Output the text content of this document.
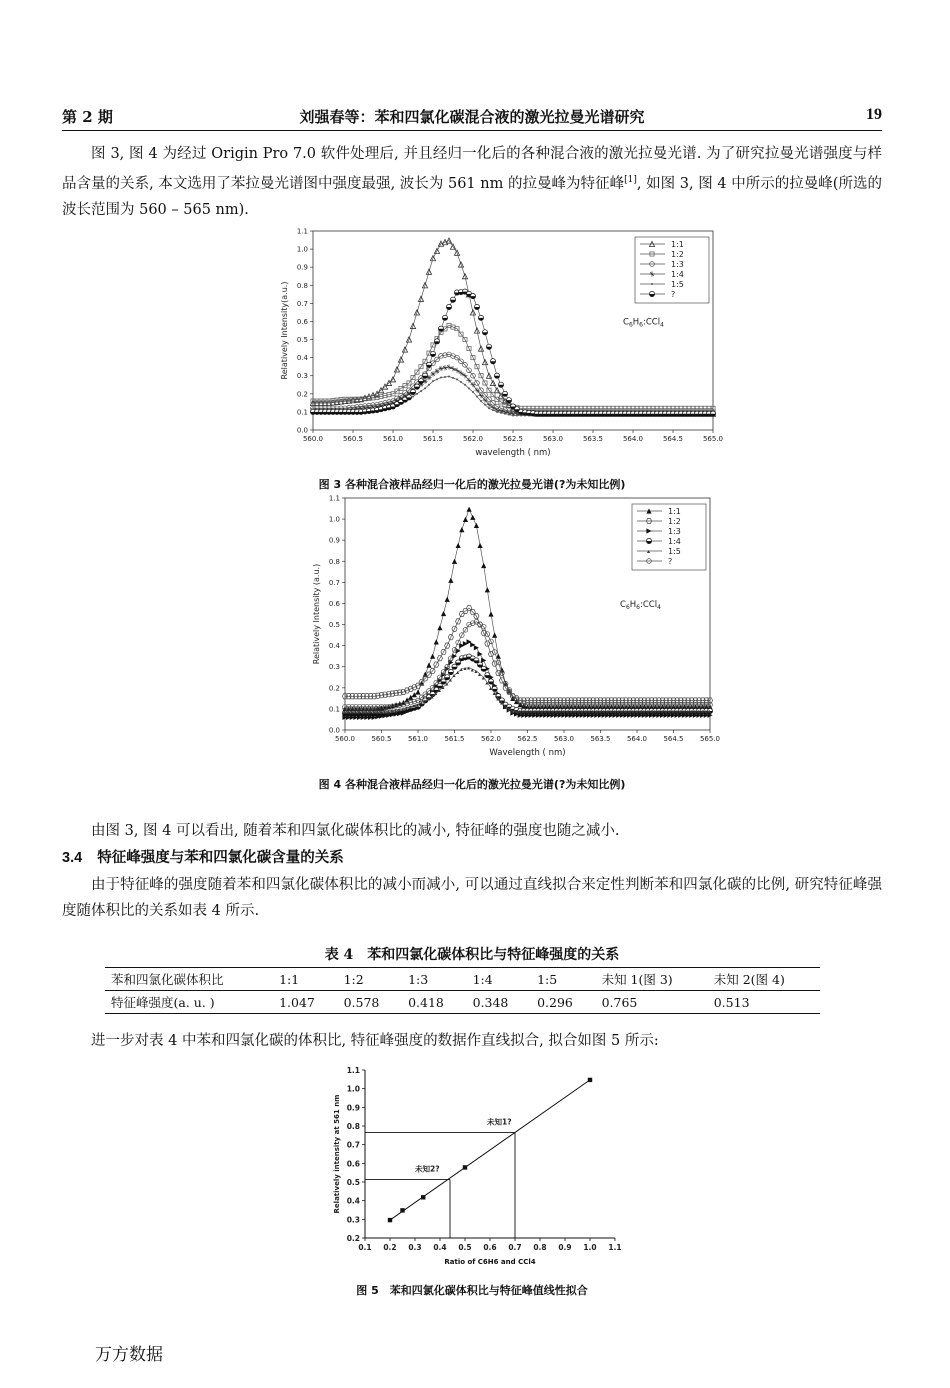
第 2 期	刘强春等：苯和四氯化碳混合液的激光拉曼光谱研究	19
图 3, 图 4 为经过 Origin Pro 7.0 软件处理后, 并且经归一化后的各种混合液的激光拉曼光谱. 为了研究拉曼光谱强度与样品含量的关系, 本文选用了苯拉曼光谱图中强度最强, 波长为 561 nm 的拉曼峰为特征峰[1], 如图 3, 图 4 中所示的拉曼峰(所选的波长范围为 560 – 565 nm).
0.0
0.1
0.2
0.3
0.4
0.5
0.6
0.7
0.8
0.9
1.0
1.1
560.0	560.5	561.0	561.5	562.0	562.5	563.0	563.5	564.0	564.5	565.0
wavelength ( nm)
Relatively Intensity(a.u.)
1:1
1:2
1:3
1:4
1:5
?
$C_6H_6:CCl_4$
图 3 各种混合液样品经归一化后的激光拉曼光谱(?为未知比例)
0.0
0.1
0.2
0.3
0.4
0.5
0.6
0.7
0.8
0.9
1.0
1.1
560.0 560.5 561.0 561.5 562.0 562.5 563.0 563.5 564.0 564.5 565.0
Wavelength ( nm)
Relatively Intensity (a.u.)
▴ ▴ ▴ ▴ ▴ ▴ ▴ ▴ ▴ ▴ ▴ ▴ ▴ ▴ ▴ ▴ ▴ ▴ ▴ ▴ ▴ ▴ ▴ ▴ ▴ ▴ ▴ ▴ ▴
▴
▴ ▴ ▴ ▴ ▴ ▴ ▴ ▴ ▴
▴
▴
▴
▴
▴
▴ ▴ ▴ ▴ ▴ ▴ ▴ ▴ ▴ ▴ ▴ ▴ ▴ ▴ ▴ ▴ ▴ ▴ ▴ ▴ ▴ ▴ ▴ ▴ ▴ ▴ ▴ ▴ ▴ ▴ ▴ ▴ ▴ ▴ ▴ ▴ ▴ ▴ ▴ ▴ ▴ ▴ ▴ ▴ ▴ ▴ ▴ ▴ ▴ ▴ ▴ ▴ ▴ ▴ ▴ ▴ ▴
1:1
1:2
1:3
1:4
▴ 1:5
?
$C_6H_6:CCl_4$
图 4 各种混合液样品经归一化后的激光拉曼光谱(?为未知比例)
由图 3, 图 4 可以看出, 随着苯和四氯化碳体积比的减小, 特征峰的强度也随之减小.
3.4 特征峰强度与苯和四氯化碳含量的关系
由于特征峰的强度随着苯和四氯化碳体积比的减小而减小, 可以通过直线拟合来定性判断苯和四氯化碳的比例, 研究特征峰强度随体积比的关系如表 4 所示.
表 4　苯和四氯化碳体积比与特征峰强度的关系
苯和四氯化碳体积比	1:1	1:2	1:3	1:4	1:5	未知 1(图 3)	未知 2(图 4)
特征峰强度(a. u. )	1.047	0.578	0.418	0.348	0.296	0.765	0.513
进一步对表 4 中苯和四氯化碳的体积比, 特征峰强度的数据作直线拟合, 拟合如图 5 所示:
0.2
0.3
0.4
0.5
0.6
0.7
0.8
0.9
1.0
1.1
0.1 0.2 0.3 0.4 0.5 0.6 0.7 0.8 0.9 1.0 1.1
Ratio of C6H6 and CCl4
Relatively intensity at 561 nm	未知1?
未知2?
图 5　苯和四氯化碳体积比与特征峰值线性拟合
万方数据
